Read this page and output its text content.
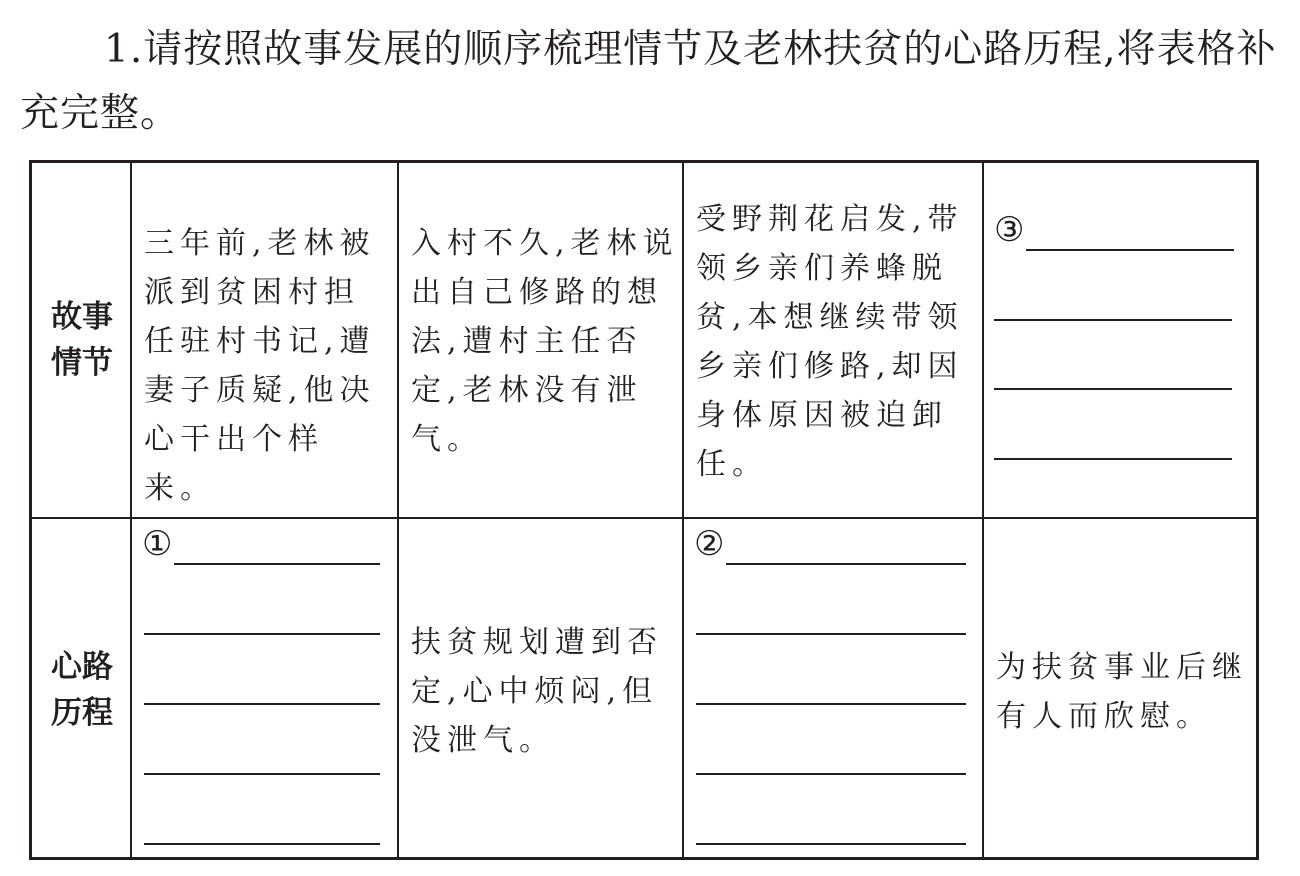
1.请按照故事发展的顺序梳理情节及老林扶贫的心路历程,将表格补充完整。

故事
情节
三年前,老林被派到贫困村担任驻村书记,遭妻子质疑,他决心干出个样来。
入村不久,老林说出自己修路的想法,遭村主任否定,老林没有泄气。
受野荆花启发,带领乡亲们养蜂脱贫,本想继续带领乡亲们修路,却因身体原因被迫卸任。
③
心路
历程
①
扶贫规划遭到否定,心中烦闷,但没泄气。
②
为扶贫事业后继有人而欣慰。
